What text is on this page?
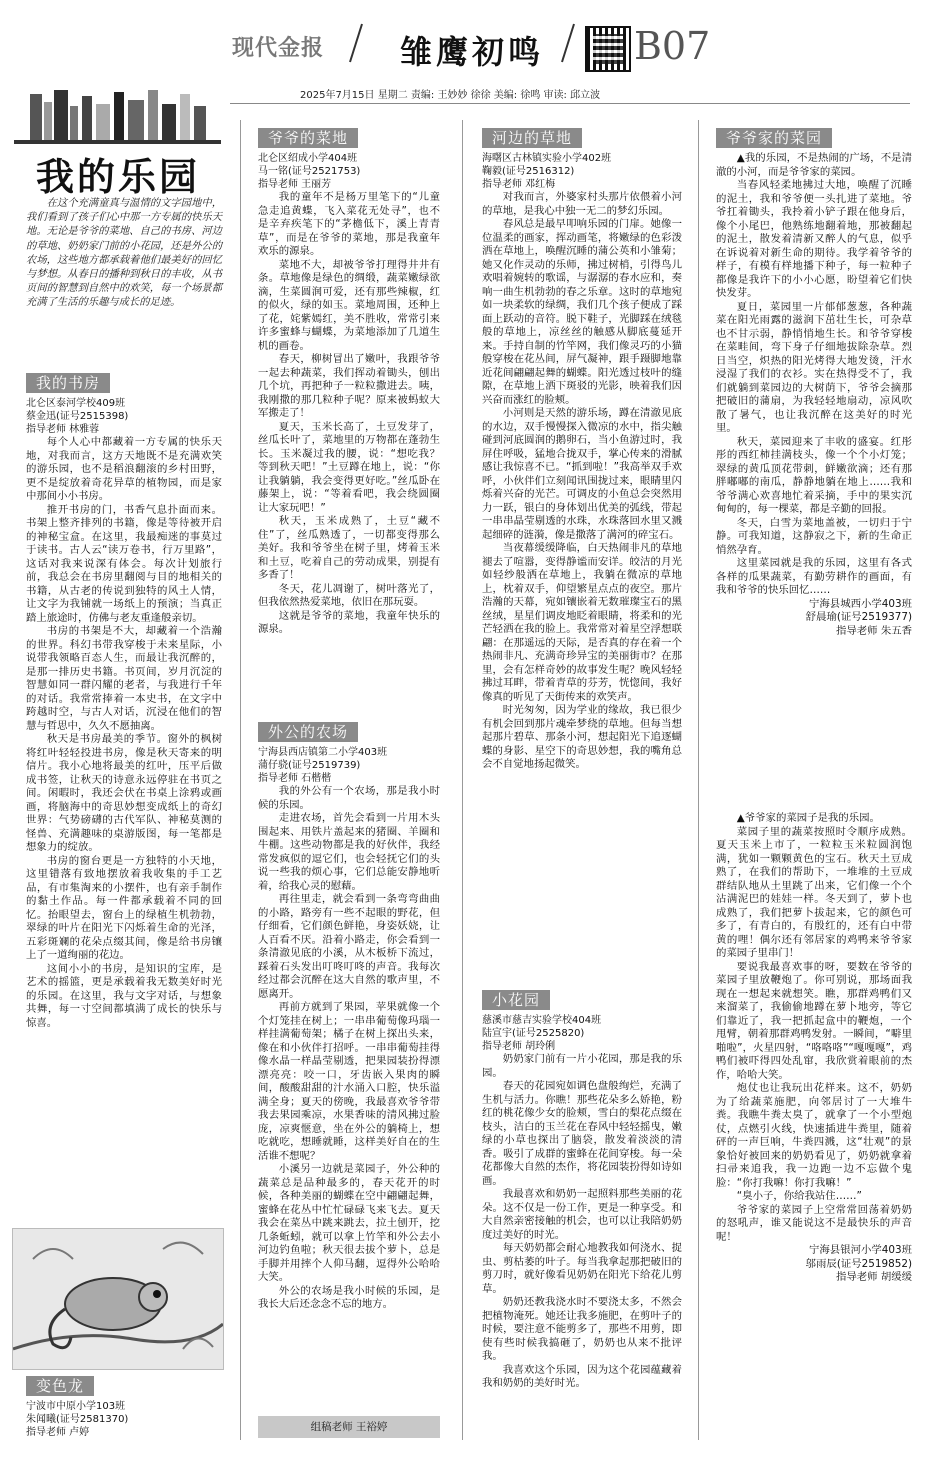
现代金报 雏鹰初鸣 B07
2025年7月15日 星期二 责编: 王妙妙 徐徐 美编: 徐鸣 审读: 邱立波
我的乐园
在这个充满童真与温情的文字园地中，我们看到了孩子们心中那一方专属的快乐天地。无论是爷爷的菜地、自己的书房、河边的草地、奶奶家门前的小花园，还是外公的农场，这些地方都承载着他们最美好的回忆与梦想。从春日的播种到秋日的丰收，从书页间的智慧到自然中的欢笑，每一个场景都充满了生活的乐趣与成长的足迹。
我的书房
北仑区泰河学校409班
蔡金迅(证号2515398)
指导老师 林雅蓉

每个人心中都藏着一方专属的快乐天地，对我而言，这方天地既不是充满欢笑的游乐园，也不是稻浪翻滚的乡村田野，更不是绽放着奇花异草的植物园，而是家中那间小小书房。

推开书房的门，书香气息扑面而来。书架上整齐排列的书籍，像是等待被开启的神秘宝盒。在这里，我最痴迷的事莫过于读书。古人云“读万卷书，行万里路”，这话对我来说深有体会。每次计划旅行前，我总会在书房里翻阅与目的地相关的书籍，从古老的传说到独特的风土人情，让文字为我铺就一场纸上的预演；当真正踏上旅途时，仿佛与老友重逢般亲切。

书房的书架是不大，却藏着一个浩瀚的世界。科幻书带我穿梭于未来星际，小说带我领略百态人生，而最让我沉醉的，是那一排历史书籍。书页间，岁月沉淀的智慧如同一群闪耀的老者，与我进行千年的对话。我常常捧着一本史书，在文字中跨越时空，与古人对话，沉浸在他们的智慧与哲思中，久久不愿抽离。

秋天是书房最美的季节。窗外的枫树将红叶轻轻投进书房，像是秋天寄来的明信片。我小心地将最美的红叶，压平后做成书签，让秋天的诗意永远停驻在书页之间。闲暇时，我还会伏在书桌上涂鸦或画画，将脑海中的奇思妙想变成纸上的奇幻世界：气势磅礴的古代军队、神秘莫测的怪兽、充满趣味的桌游版图，每一笔都是想象力的绽放。

书房的窗台更是一方独特的小天地，这里错落有致地摆放着我收集的手工艺品，有市集淘来的小摆件，也有亲手制作的黏土作品。每一件都承载着不同的回忆。抬眼望去，窗台上的绿植生机勃勃，翠绿的叶片在阳光下闪烁着生命的光泽，五彩斑斓的花朵点缀其间，像是给书房镶上了一道绚丽的花边。

这间小小的书房，是知识的宝库，是艺术的摇篮，更是承载着我无数美好时光的乐园。在这里，我与文字对话，与想象共舞，每一寸空间都填满了成长的快乐与惊喜。

变色龙
宁波市中原小学103班
朱闻曦(证号2581370)
指导老师 卢婷
爷爷的菜地
北仑区绍成小学404班
马一铭(证号2521753)
指导老师 王丽芳

我的童年不是杨万里笔下的“儿童急走追黄蝶，飞入菜花无处寻”，也不是辛弃疾笔下的“茅檐低下，溪上青青草”，而是在爷爷的菜地，那是我童年欢乐的源泉。

菜地不大，却被爷爷打理得井井有条。草地像是绿色的绸缎，蔬菜嫩绿欲滴，生菜圆润可爱，还有那些辣椒，红的似火，绿的如玉。菜地周围，还种上了花，姹紫嫣红，美不胜收，常常引来许多蜜蜂与蝴蝶，为菜地添加了几道生机的画卷。

春天，柳树冒出了嫩叶，我跟爷爷一起去种蔬菜，我们挥动着锄头，刨出几个坑，再把种子一粒粒撒进去。咦，我刚撒的那几粒种子呢？原来被蚂蚁大军搬走了！

夏天，玉米长高了，土豆发芽了，丝瓜长叶了，菜地里的万物都在蓬勃生长。玉米凝过我的腰，说：“想吃我？等到秋天吧！”土豆蹲在地上，说：“你让我躺躺，我会变得更好吃。”丝瓜卧在藤架上，说：“等着看吧，我会绕圆圈让大家玩吧！”

秋天，玉米成熟了，土豆“藏不住”了，丝瓜熟透了，一切都变得那么美好。我和爷爷坐在树子里，烤着玉米和土豆，吃着自己的劳动成果，别提有多香了！

冬天，花儿凋谢了，树叶落光了，但我依然热爱菜地，依旧在那玩耍。

这就是爷爷的菜地，我童年快乐的源泉。

外公的农场
宁海县西店镇第二小学403班
蒲仔骁(证号2519739)
指导老师 石楷楷

我的外公有一个农场，那是我小时候的乐园。

走进农场，首先会看到一片用木头围起来、用铁片盖起来的猪圈、羊圈和牛棚。这些动物都是我的好伙伴，我经常发疯似的逗它们，也会轻抚它们的头说一些我的烦心事，它们总能安静地听着，给我心灵的慰藉。

再往里走，就会看到一条弯弯曲曲的小路，路旁有一些不起眼的野花，但仔细看，它们颜色鲜艳，身姿妖娆，让人百看不厌。沿着小路走，你会看到一条清澈见底的小溪，从木板桥下流过，踩着石头发出叮咚叮咚的声音。我每次经过都会沉醉在这大自然的歌声里，不愿离开。

再前方就到了果园，苹果就像一个个灯笼挂在树上；一串串葡萄像玛瑙一样挂满葡萄架；橘子在树上探出头来，像在和小伙伴打招呼。一串串葡萄挂得像水晶一样晶莹剔透，把果园装扮得漂漂亮亮：咬一口，牙齿嵌入果肉的瞬间，酸酸甜甜的汁水涌入口腔，快乐溢满全身；夏天的傍晚，我最喜欢爷爷带我去果园乘凉，水果香味的清风拂过脸庞，凉爽惬意，坐在外公的躺椅上，想吃就吃，想睡就睡，这样美好自在的生活谁不想呢？

小溪另一边就是菜园子，外公种的蔬菜总是品种最多的，春天花开的时候，各种美丽的蝴蝶在空中翩翩起舞，蜜蜂在花丛中忙忙碌碌飞来飞去。夏天我会在菜丛中跳来跳去，拉土刨开，挖几条蚯蚓，就可以拿上竹竿和外公去小河边钓鱼啦；秋天很去拔个萝卜，总是手脚并用摔个人仰马翻，逗得外公哈哈大笑。

外公的农场是我小时候的乐园，是我长大后还念念不忘的地方。

组稿老师 王裕婷
河边的草地
海曙区古林镇实验小学402班
鞠毅(证号2516312)
指导老师 邓红梅

对我而言，外婆家村头那片依偎着小河的草地，是我心中独一无二的梦幻乐园。

春风总是最早叩响乐园的门扉。她像一位温柔的画家，挥动画笔，将嫩绿的色彩泼洒在草地上，唤醒沉睡的蒲公英和小雏菊；她又化作灵动的乐师，拂过树梢，引得鸟儿欢唱着婉转的歌谣，与潺潺的春水应和，奏响一曲生机勃勃的春之乐章。这时的草地宛如一块柔软的绿绸，我们几个孩子便成了踩面上跃动的音符。脱下鞋子，光脚踩在绒毯般的草地上，凉丝丝的触感从脚底蔓延开来。手持自制的竹竿网，我们像灵巧的小猫般穿梭在花丛间，屏气凝神，跟手蹑脚地靠近花间翩翩起舞的蝴蝶。阳光透过枝叶的缝隙，在草地上洒下斑驳的光影，映着我们因兴奋而涨红的脸颊。

小河则是天然的游乐场，蹲在清澈见底的水边，双手慢慢探入微凉的水中，指尖触碰到河底圆润的鹅卵石，当小鱼游过时，我屏住呼吸，猛地合拢双手，掌心传来的滑腻感让我惊喜不已。“抓到啦！”我高举双手欢呼，小伙伴们立刻闻讯围拢过来，眼睛里闪烁着兴奋的光芒。可调皮的小鱼总会突然用力一跃，银白的身体划出优美的弧线，带起一串串晶莹剔透的水珠，水珠落回水里又溅起细碎的涟漪，像是撒落了满河的碎宝石。

当夜幕缓缓降临，白天热闹非凡的草地褪去了喧嚣，变得静谧而安详。皎洁的月光如轻纱般洒在草地上，我躺在微凉的草地上，枕着双手，仰望繁星点点的夜空。那片浩瀚的天幕，宛如镶嵌着无数璀璨宝石的黑丝绒，星星们调皮地眨着眼睛，将柔和的光芒轻洒在我的脸上。我常常对着星空浮想联翩：在那遥远的天际，是否真的存在着一个热闹非凡、充满奇珍异宝的美丽街市？在那里，会有怎样奇妙的故事发生呢？晚风轻轻拂过耳畔，带着青草的芬芳，恍惚间，我好像真的听见了天街传来的欢笑声。

时光匆匆，因为学业的缘故，我已很少有机会回到那片魂牵梦绕的草地。但每当想起那片碧草、那条小河，想起阳光下追逐蝴蝶的身影、星空下的奇思妙想，我的嘴角总会不自觉地扬起微笑。

小花园
慈溪市慈吉实验学校404班
陆宣宇(证号2525820)
指导老师 胡玲俐

奶奶家门前有一片小花园，那是我的乐园。

春天的花园宛如调色盘般绚烂，充满了生机与活力。你瞧！那些花朵多么娇艳，粉红的桃花像少女的脸颊，雪白的梨花点缀在枝头，洁白的玉兰花在春风中轻轻摇曳，嫩绿的小草也探出了脑袋，散发着淡淡的清香。吸引了成群的蜜蜂在花间穿梭。每一朵花都像大自然的杰作，将花园装扮得如诗如画。

我最喜欢和奶奶一起照料那些美丽的花朵。这不仅是一份工作，更是一种享受。和大自然亲密接触的机会，也可以让我陪奶奶度过美好的时光。

每天奶奶都会耐心地教我如何浇水、捉虫、剪枯萎的叶子。每当我拿起那把破旧的剪刀时，就好像看见奶奶在阳光下给花儿剪草。

奶奶还教我浇水时不要浇太多，不然会把植物淹死。她还让我多施肥，在剪叶子的时候，要注意不能剪多了，那些不用剪，即使有些时候我搞砸了，奶奶也从来不批评我。

我喜欢这个乐园，因为这个花园蕴藏着我和奶奶的美好时光。

爷爷家的菜园

▲我的乐园，不是热闹的广场，不是清澈的小河，而是爷爷家的菜园。

当春风轻柔地拂过大地，唤醒了沉睡的泥土，我和爷爷便一头扎进了菜地。爷爷扛着锄头，我拎着小铲子跟在他身后，像个小尾巴，他熟练地翻着地，那被翻起的泥土，散发着清新又醉人的气息，似乎在诉说着对新生命的期待。我学着爷爷的样子，有模有样地播下种子，每一粒种子都像是我许下的小小心愿，盼望着它们快快发芽。

夏日，菜园里一片郁郁葱葱，各种蔬菜在阳光雨露的滋润下茁壮生长，可杂草也不甘示弱，静悄悄地生长。和爷爷穿梭在菜畦间，弯下身子仔细地拔除杂草。烈日当空，炽热的阳光烤得大地发烫，汗水浸湿了我们的衣衫。实在热得受不了，我们就躺到菜园边的大树荫下，爷爷会摘那把破旧的蒲扇，为我轻轻地扇动，凉风吹散了暑气，也让我沉醉在这美好的时光里。

秋天，菜园迎来了丰收的盛宴。红彤彤的西红柿挂满枝头，像一个个小灯笼；翠绿的黄瓜顶花带刺，鲜嫩欲滴；还有那胖嘟嘟的南瓜，静静地躺在地上……我和爷爷满心欢喜地忙着采摘，手中的果实沉甸甸的，每一棵菜，都是辛勤的回报。

冬天，白雪为菜地盖被，一切归于宁静。可我知道，这静寂之下，新的生命正悄然孕育。

这里菜园就是我的乐园，这里有各式各样的瓜果蔬菜，有勤劳耕作的画面，有我和爷爷的快乐回忆……

宁海县城西小学403班

舒晨瑜(证号2519377)

指导老师 朱五香

▲爷爷家的菜园子是我的乐园。

菜园子里的蔬菜按照时令顺序成熟。夏天玉米上市了，一粒粒玉米粒圆润饱满，犹如一颗颗黄色的宝石。秋天土豆成熟了，在我们的帮助下，一堆堆的土豆成群结队地从土里跳了出来，它们像一个个沾满泥巴的娃娃一样。冬天到了，萝卜也成熟了，我们把萝卜拔起来，它的颜色可多了，有青白的，有殷红的，还有白中带黄的哩！偶尔还有邻居家的鸡鸭来爷爷家的菜园子里串门！

要说我最喜欢事的呀，要数在爷爷的菜园子里放鞭炮了。你可别说，那场面我现在一想起来就想笑。瞧，那群鸡鸭们又来溜菜了，我偷偷地蹲在萝卜地旁，等它们靠近了，我一把抓起盒中的鞭炮，一个甩臂，朝着那群鸡鸭发射。一瞬间，“噼里啪啦”，火星四射，“咯咯咯”“嘎嘎嘎”，鸡鸭们被吓得四处乱窜，我欣赏着眼前的杰作，哈哈大笑。

炮仗也让我玩出花样来。这不，奶奶为了给蔬菜施肥，向邻居讨了一大堆牛粪。我瞧牛粪太臭了，就拿了一个小型炮仗，点燃引火线，快速插进牛粪里，随着砰的一声巨响，牛粪四溅，这“壮观”的景象恰好被回来的奶奶看见了，奶奶就拿着扫帚来追我，我一边跑一边不忘做个鬼脸：“你打我嘛！你打我嘛！”

“臭小子，你给我站住……”

爷爷家的菜园子上空常常回荡着奶奶的怒吼声，谁又能说这不是最快乐的声音呢！

宁海县银河小学403班

邬雨辰(证号2519852)

指导老师 胡缓缓
